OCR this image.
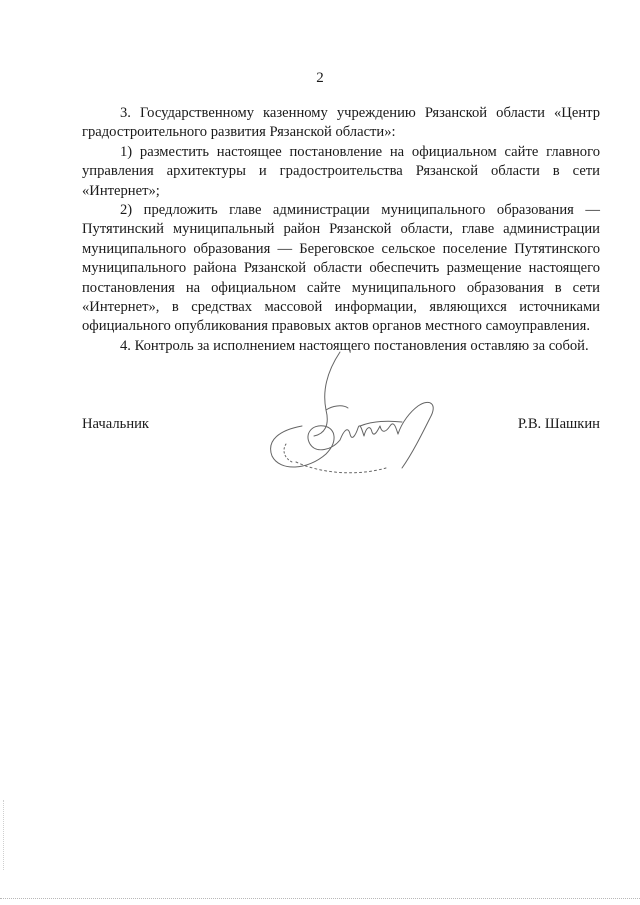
2

3. Государственному казенному учреждению Рязанской области «Центр градостроительного развития Рязанской области»:

1) разместить настоящее постановление на официальном сайте главного управления архитектуры и градостроительства Рязанской области в сети «Интернет»;

2) предложить главе администрации муниципального образования — Путятинский муниципальный район Рязанской области, главе администрации муниципального образования — Береговское сельское поселение Путятинского муниципального района Рязанской области обеспечить размещение настоящего постановления на официальном сайте муниципального образования в сети «Интернет», в средствах массовой информации, являющихся источниками официального опубликования правовых актов органов местного самоуправления.

4. Контроль за исполнением настоящего постановления оставляю за собой.

Начальник	Р.В. Шашкин
